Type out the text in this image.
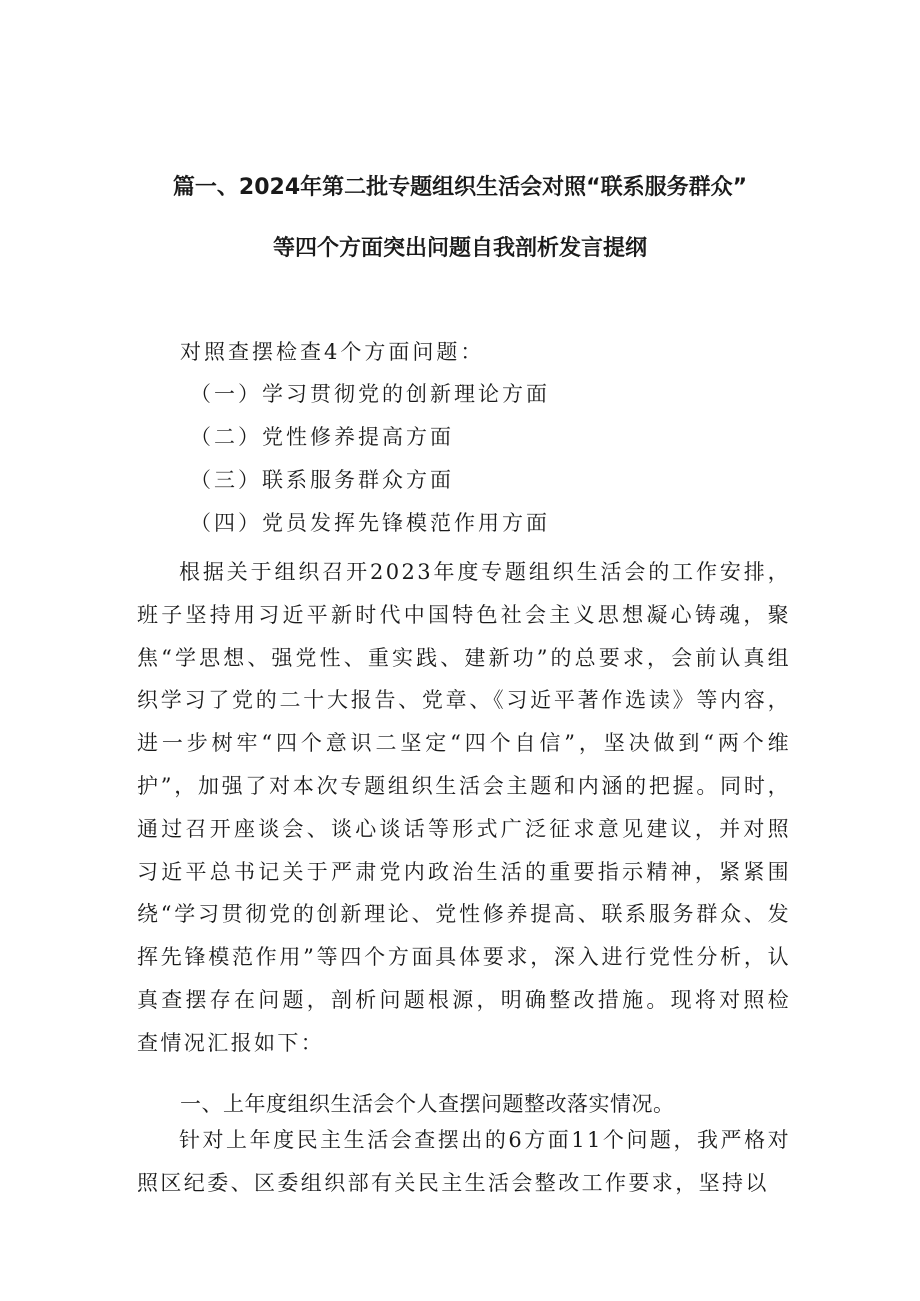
篇一、2024年第二批专题组织生活会对照“联系服务群众”
等四个方面突出问题自我剖析发言提纲
对照查摆检查4个方面问题：
（一）学习贯彻党的创新理论方面
（二）党性修养提高方面
（三）联系服务群众方面
（四）党员发挥先锋模范作用方面
根据关于组织召开2023年度专题组织生活会的工作安排，班子坚持用习近平新时代中国特色社会主义思想凝心铸魂，聚焦“学思想、强党性、重实践、建新功”的总要求，会前认真组织学习了党的二十大报告、党章、《习近平著作选读》等内容，进一步树牢“四个意识二坚定“四个自信”，坚决做到“两个维护”，加强了对本次专题组织生活会主题和内涵的把握。同时，通过召开座谈会、谈心谈话等形式广泛征求意见建议，并对照习近平总书记关于严肃党内政治生活的重要指示精神，紧紧围绕“学习贯彻党的创新理论、党性修养提高、联系服务群众、发挥先锋模范作用”等四个方面具体要求，深入进行党性分析，认真查摆存在问题，剖析问题根源，明确整改措施。现将对照检查情况汇报如下：
一、上年度组织生活会个人查摆问题整改落实情况。
针对上年度民主生活会查摆出的6方面11个问题，我严格对照区纪委、区委组织部有关民主生活会整改工作要求，坚持以
